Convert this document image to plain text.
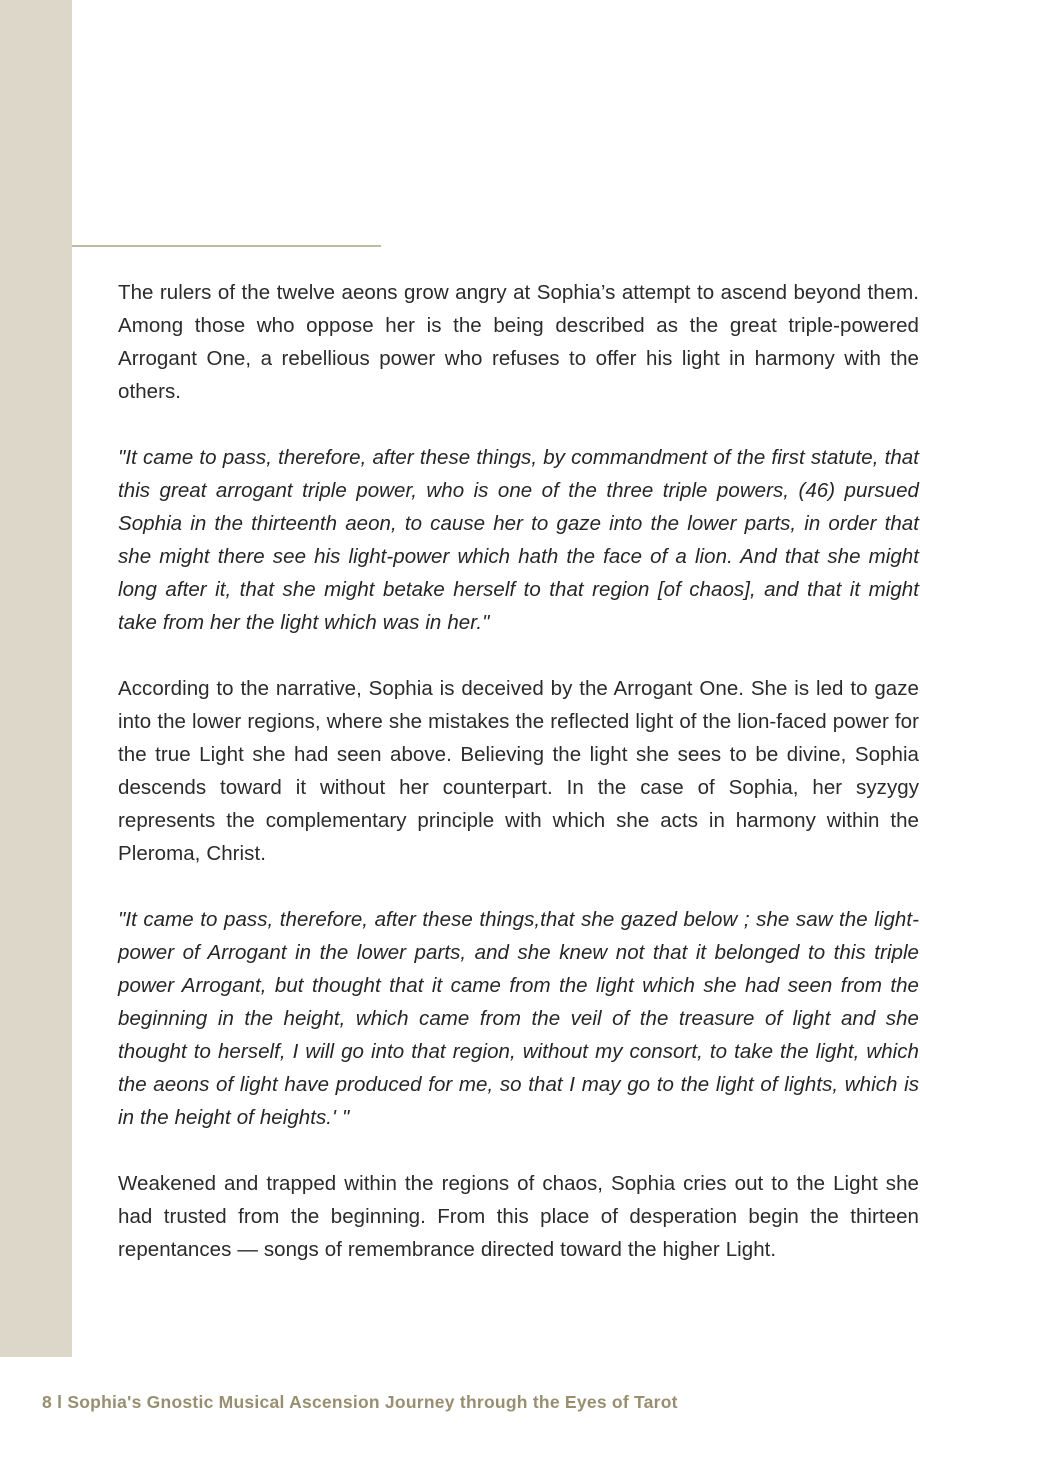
The rulers of the twelve aeons grow angry at Sophia’s attempt to ascend beyond them. Among those who oppose her is the being described as the great triple-powered Arrogant One, a rebellious power who refuses to offer his light in harmony with the others.

"It came to pass, therefore, after these things, by commandment of the first statute, that this great arrogant triple power, who is one of the three triple powers, (46) pursued Sophia in the thirteenth aeon, to cause her to gaze into the lower parts, in order that she might there see his light-power which hath the face of a lion. And that she might long after it, that she might betake herself to that region [of chaos], and that it might take from her the light which was in her."

According to the narrative, Sophia is deceived by the Arrogant One. She is led to gaze into the lower regions, where she mistakes the reflected light of the lion-faced power for the true Light she had seen above. Believing the light she sees to be divine, Sophia descends toward it without her counterpart. In the case of Sophia, her syzygy represents the complementary principle with which she acts in harmony within the Pleroma, Christ.

"It came to pass, therefore, after these things,that she gazed below ; she saw the light-power of Arrogant in the lower parts, and she knew not that it belonged to this triple power Arrogant, but thought that it came from the light which she had seen from the beginning in the height, which came from the veil of the treasure of light and she thought to herself, I will go into that region, without my consort, to take the light, which the aeons of light have produced for me, so that I may go to the light of lights, which is in the height of heights.' "

Weakened and trapped within the regions of chaos, Sophia cries out to the Light she had trusted from the beginning. From this place of desperation begin the thirteen repentances — songs of remembrance directed toward the higher Light.

8 l Sophia's Gnostic Musical Ascension Journey through the Eyes of Tarot
